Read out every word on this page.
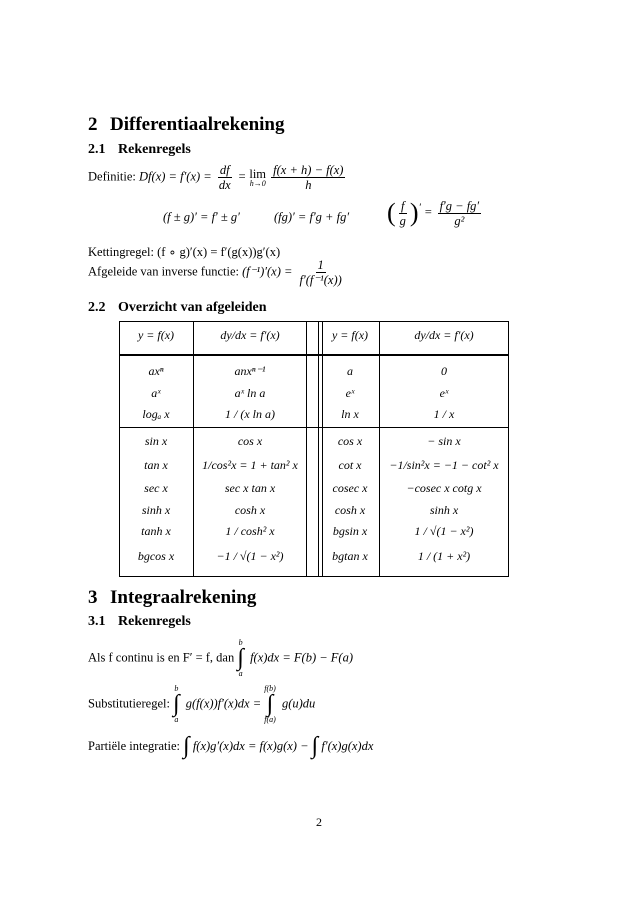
2 Differentiaalrekening
2.1 Rekenregels
Definitie: $Df(x) = f'(x) = \frac{df}{dx} = \lim$
h→0
$\frac{f(x + h) - f(x)}{h}$
(f ± g)′ = f′ ± g′	(fg)′ = f′g + fg′ ( $\frac{f}{g} )' = \frac{f'g - fg'}{\text{g²}}$
Kettingregel: (f ∘ g)′(x) = f′(g(x))g′(x)
Afgeleide van inverse functie: $(f^{-1})'(x) = \frac{1}{\text{f′(f⁻¹(x))}}$
2.2 Overzicht van afgeleiden
y = f(x)	dy/dx = f′(x)	y = f(x)	dy/dx = f′(x)
axⁿ	anxⁿ⁻¹	a	0
aˣ	aˣ ln a	eˣ	eˣ
logₐ x	1 / (x ln a)	ln x	1 / x
sin x	cos x	cos x	− sin x
tan x	1/cos²x = 1 + tan² x	cot x	−1/sin²x = −1 − cot² x
sec x	sec x tan x	cosec x	−cosec x cotg x
sinh x	cosh x	cosh x	sinh x
tanh x	1 / cosh² x	bgsin x	1 / √(1 − x²)
bgcos x	−1 / √(1 − x²)	bgtan x	1 / (1 + x²)
3 Integraalrekening
3.1 Rekenregels
Als f continu is en F′ = f, dan
b
∫
a
f(x)dx = F(b) − F(a)
Substitutieregel:
b
∫
a
g(f(x))f′(x)dx =
f(b)
∫
f(a)
g(u)du
Partiële integratie: ∫ f(x)g′(x)dx = f(x)g(x) − ∫ f′(x)g(x)dx
2
